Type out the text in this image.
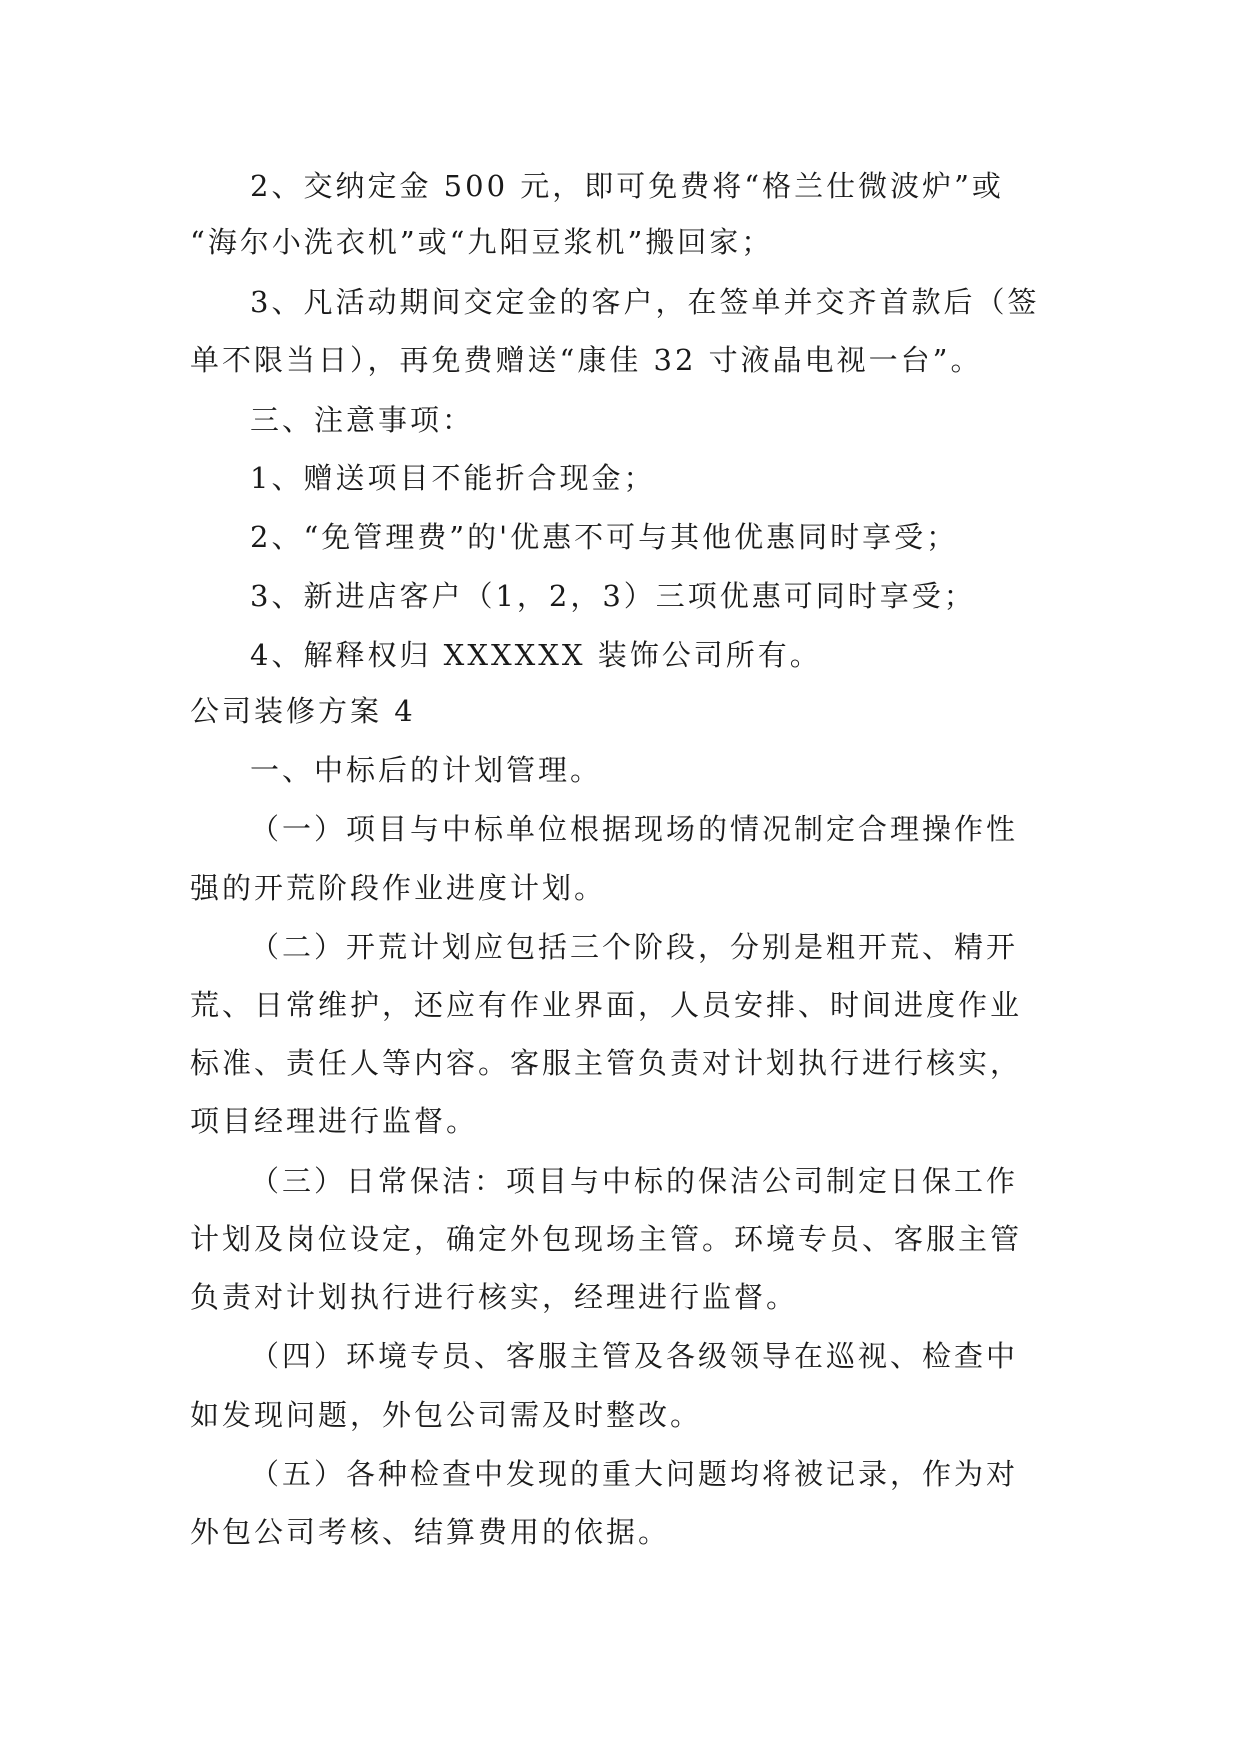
2、交纳定金 500 元，即可免费将“格兰仕微波炉”或
“海尔小洗衣机”或“九阳豆浆机”搬回家；
3、凡活动期间交定金的客户，在签单并交齐首款后（签
单不限当日），再免费赠送“康佳 32 寸液晶电视一台”。
三、注意事项：
1、赠送项目不能折合现金；
2、“免管理费”的'优惠不可与其他优惠同时享受；
3、新进店客户（1，2，3）三项优惠可同时享受；
4、解释权归 XXXXXX 装饰公司所有。
公司装修方案 4
一、中标后的计划管理。
（一）项目与中标单位根据现场的情况制定合理操作性
强的开荒阶段作业进度计划。
（二）开荒计划应包括三个阶段，分别是粗开荒、精开
荒、日常维护，还应有作业界面，人员安排、时间进度作业
标准、责任人等内容。客服主管负责对计划执行进行核实，
项目经理进行监督。
（三）日常保洁：项目与中标的保洁公司制定日保工作
计划及岗位设定，确定外包现场主管。环境专员、客服主管
负责对计划执行进行核实，经理进行监督。
（四）环境专员、客服主管及各级领导在巡视、检查中
如发现问题，外包公司需及时整改。
（五）各种检查中发现的重大问题均将被记录，作为对
外包公司考核、结算费用的依据。
